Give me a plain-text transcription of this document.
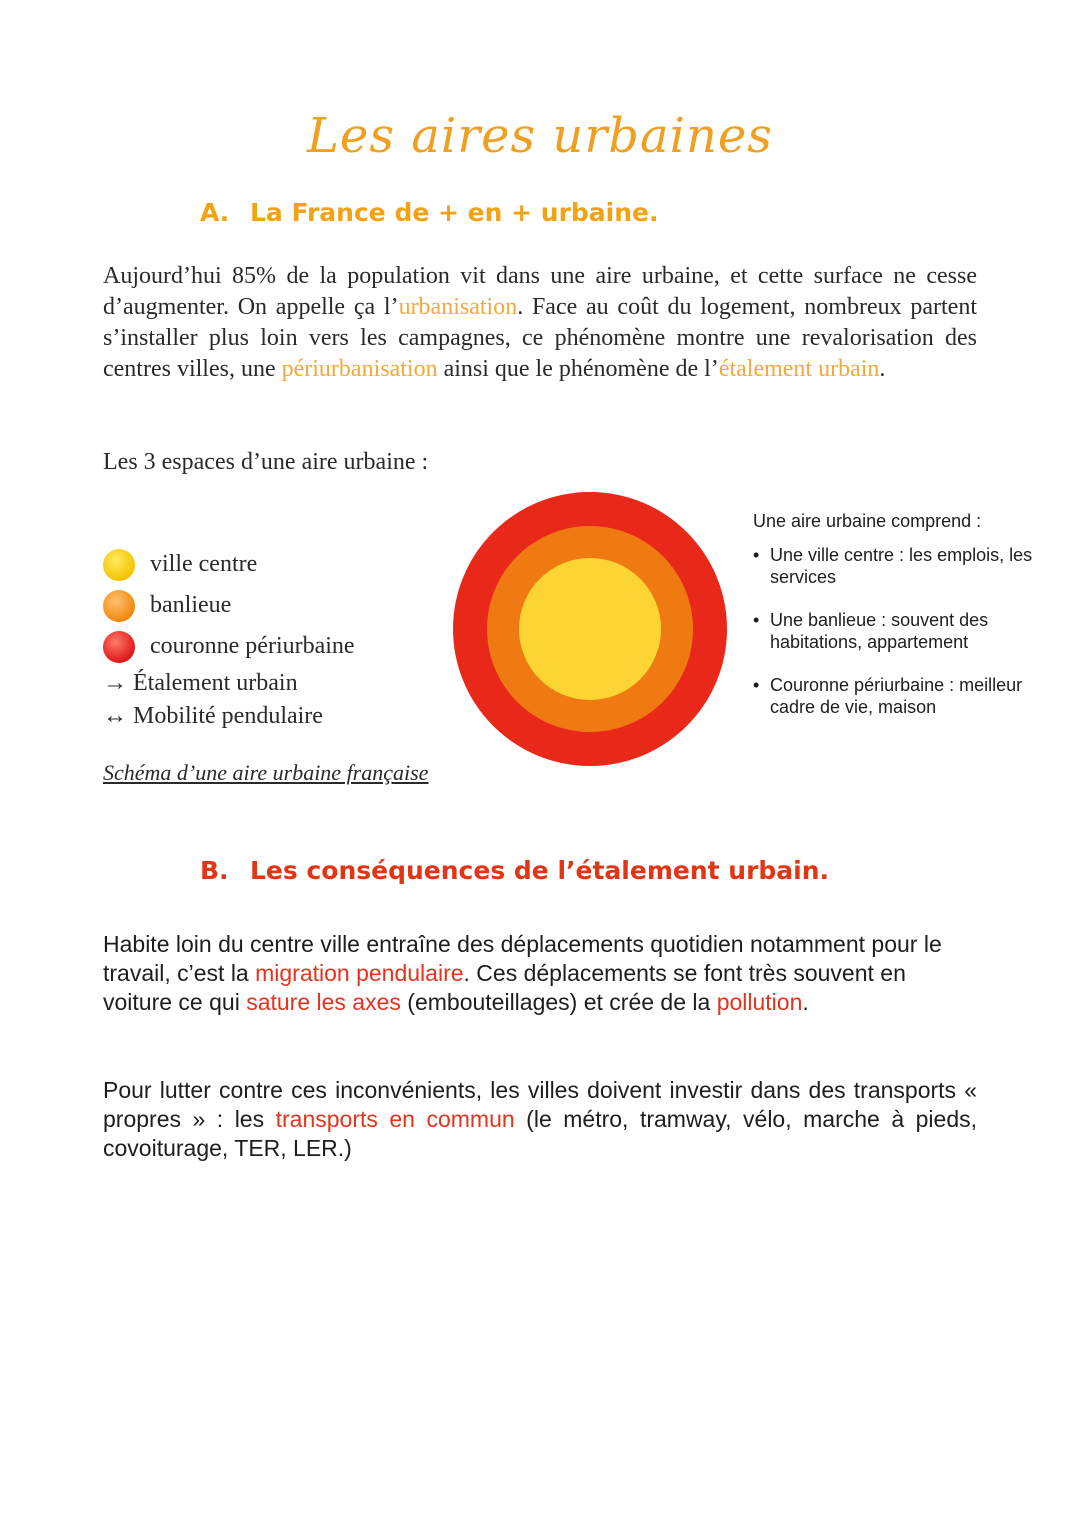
Les aires urbaines
A. La France de + en + urbaine.

Aujourd’hui 85% de la population vit dans une aire urbaine, et cette surface ne cesse d’augmenter. On appelle ça l’urbanisation. Face au coût du logement, nombreux partent s’installer plus loin vers les campagnes, ce phénomène montre une revalorisation des centres villes, une périurbanisation ainsi que le phénomène de l’étalement urbain.

Les 3 espaces d’une aire urbaine :

ville centre
banlieue
couronne périurbaine
→ Étalement urbain
↔ Mobilité pendulaire

Schéma d’une aire urbaine française

Une aire urbaine comprend :

• Une ville centre : les emplois, les services
• Une banlieue : souvent des habitations, appartement
• Couronne périurbaine : meilleur cadre de vie, maison
B. Les conséquences de l’étalement urbain.

Habite loin du centre ville entraîne des déplacements quotidien notamment pour le travail, c’est la migration pendulaire. Ces déplacements se font très souvent en voiture ce qui sature les axes (embouteillages) et crée de la pollution.

Pour lutter contre ces inconvénients, les villes doivent investir dans des transports « propres » : les transports en commun (le métro, tramway, vélo, marche à pieds, covoiturage, TER, LER.)
